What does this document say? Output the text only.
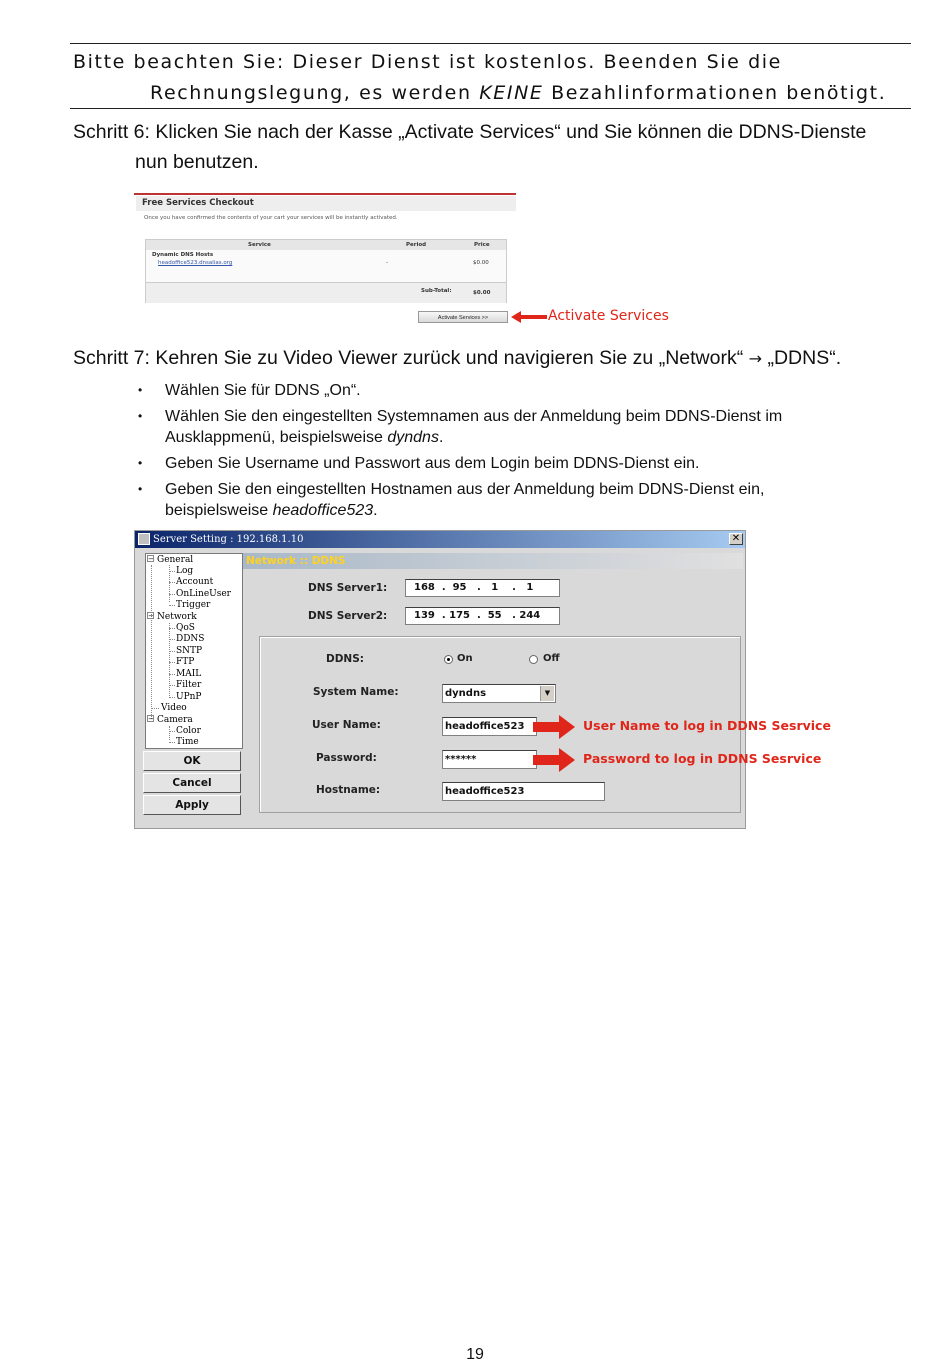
Bitte beachten Sie: Dieser Dienst ist kostenlos. Beenden Sie die
Rechnungslegung, es werden KEINE Bezahlinformationen benötigt.
Schritt 6: Klicken Sie nach der Kasse „Activate Services“ und Sie können die DDNS-Dienste
nun benutzen.
Free Services Checkout
Once you have confirmed the contents of your cart your services will be instantly activated.
Service	Period	Price
Dynamic DNS Hosts
headoffice523.dnsalias.org	-	$0.00
Sub-Total:	$0.00
Activate Services >>	Activate Services
Schritt 7: Kehren Sie zu Video Viewer zurück und navigieren Sie zu „Network“ → „DDNS“.
• Wählen Sie für DDNS „On“.
• Wählen Sie den eingestellten Systemnamen aus der Anmeldung beim DDNS-Dienst im
Ausklappmenü, beispielsweise dyndns.
• Geben Sie Username und Passwort aus dem Login beim DDNS-Dienst ein.
• Geben Sie den eingestellten Hostnamen aus der Anmeldung beim DDNS-Dienst ein,
beispielsweise headoffice523.
Server Setting : 192.168.1.10	✕
− General
Log
Account
OnLineUser
Trigger
− Network
QoS
DDNS
SNTP
FTP
MAIL
Filter
UPnP
Video
− Camera
Color
Time
OK
Cancel
Apply
Network :: DDNS
DNS Server1:	168  .  95   .   1    .   1
DNS Server2:	139  . 175  .  55   . 244
DDNS:	On	Off
System Name:	dyndns	▼
User Name:	headoffice523
Password:	******
Hostname:	headoffice523
User Name to log in DDNS Sesrvice
Password to log in DDNS Sesrvice
19
